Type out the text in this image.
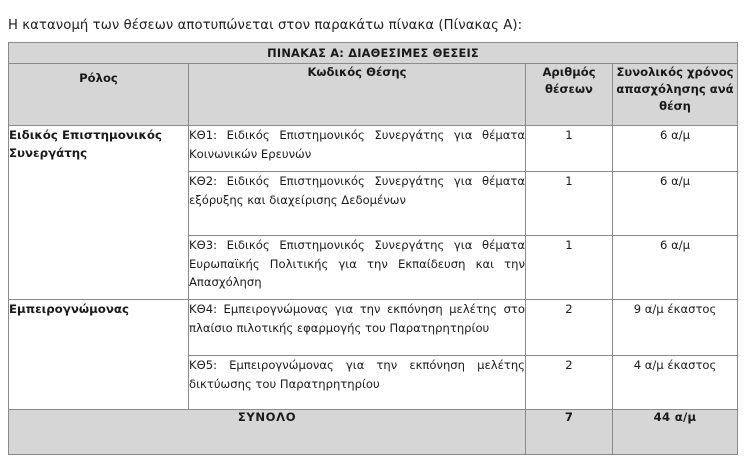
Η κατανομή των θέσεων αποτυπώνεται στον παρακάτω πίνακα (Πίνακας Α):

ΠΙΝΑΚΑΣ Α: ΔΙΑΘΕΣΙΜΕΣ ΘΕΣΕΙΣ			
Ρόλος	Κωδικός Θέσης	Αριθμός θέσεων	Συνολικός χρόνος απασχόλησης ανά θέση
Ειδικός Επιστημονικός Συνεργάτης	ΚΘ1: Ειδικός Επιστημονικός Συνεργάτης για θέματα Κοινωνικών Ερευνών	1	6 α/μ
	ΚΘ2: Ειδικός Επιστημονικός Συνεργάτης για θέματα εξόρυξης και διαχείρισης Δεδομένων	1	6 α/μ
	ΚΘ3: Ειδικός Επιστημονικός Συνεργάτης για θέματα Ευρωπαϊκής Πολιτικής για την Εκπαίδευση και την Απασχόληση	1	6 α/μ
Εμπειρογνώμονας	ΚΘ4: Εμπειρογνώμονας για την εκπόνηση μελέτης στο πλαίσιο πιλοτικής εφαρμογής του Παρατηρητηρίου	2	9 α/μ έκαστος
	ΚΘ5: Εμπειρογνώμονας για την εκπόνηση μελέτης δικτύωσης του Παρατηρητηρίου	2	4 α/μ έκαστος
ΣΥΝΟΛΟ		7	44 α/μ
